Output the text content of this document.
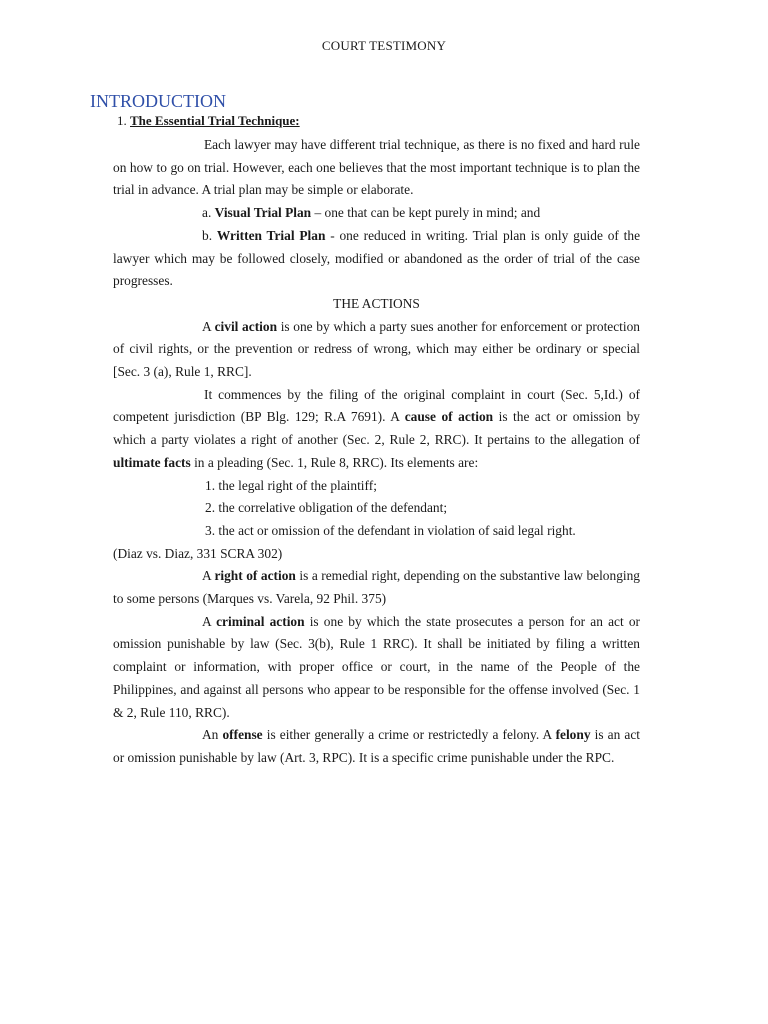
COURT TESTIMONY
INTRODUCTION
1. The Essential Trial Technique:

Each lawyer may have different trial technique, as there is no fixed and hard rule on how to go on trial. However, each one believes that the most important technique is to plan the trial in advance. A trial plan may be simple or elaborate.

a. Visual Trial Plan – one that can be kept purely in mind; and

b. Written Trial Plan - one reduced in writing. Trial plan is only guide of the lawyer which may be followed closely, modified or abandoned as the order of trial of the case progresses.

THE ACTIONS

A civil action is one by which a party sues another for enforcement or protection of civil rights, or the prevention or redress of wrong, which may either be ordinary or special [Sec. 3 (a), Rule 1, RRC].

It commences by the filing of the original complaint in court (Sec. 5,Id.) of competent jurisdiction (BP Blg. 129; R.A 7691). A cause of action is the act or omission by which a party violates a right of another (Sec. 2, Rule 2, RRC). It pertains to the allegation of ultimate facts in a pleading (Sec. 1, Rule 8, RRC). Its elements are:

1. the legal right of the plaintiff;
2. the correlative obligation of the defendant;
3. the act or omission of the defendant in violation of said legal right.

(Diaz vs. Diaz, 331 SCRA 302)

A right of action is a remedial right, depending on the substantive law belonging to some persons (Marques vs. Varela, 92 Phil. 375)

A criminal action is one by which the state prosecutes a person for an act or omission punishable by law (Sec. 3(b), Rule 1 RRC). It shall be initiated by filing a written complaint or information, with proper office or court, in the name of the People of the Philippines, and against all persons who appear to be responsible for the offense involved (Sec. 1 & 2, Rule 110, RRC).

An offense is either generally a crime or restrictedly a felony. A felony is an act or omission punishable by law (Art. 3, RPC). It is a specific crime punishable under the RPC.
